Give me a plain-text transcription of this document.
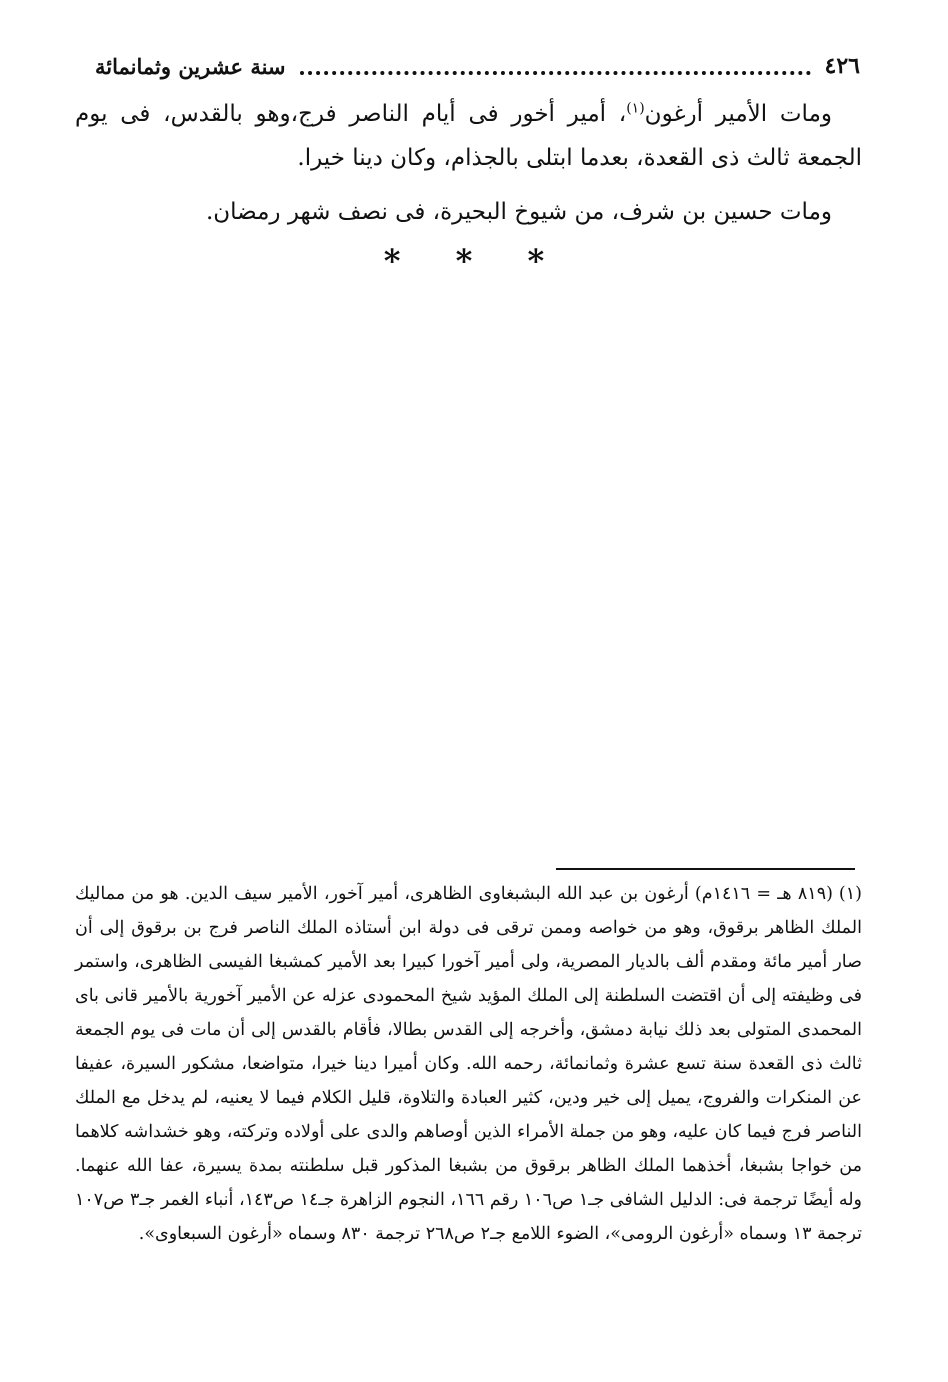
٤٢٦
سنة عشرين وثمانمائة

ومات الأمير أرغون$^{(١)}$، أمير أخور فى أيام الناصر فرج،وهو بالقدس، فى يوم الجمعة ثالث ذى القعدة، بعدما ابتلى بالجذام، وكان دينا خيرا.

ومات حسين بن شرف، من شيوخ البحيرة، فى نصف شهر رمضان.

* * *
(١)(٨١٩ هـ = ١٤١٦م) أرغون بن عبد الله البشبغاوى الظاهرى، أمير آخور، الأمير سيف الدين. هو من مماليك الملك الظاهر برقوق، وهو من خواصه وممن ترقى فى دولة ابن أستاذه الملك الناصر فرج بن برقوق إلى أن صار أمير مائة ومقدم ألف بالديار المصرية، ولى أمير آخورا كبيرا بعد الأمير كمشبغا الفيسى الظاهرى، واستمر فى وظيفته إلى أن اقتضت السلطنة إلى الملك المؤيد شيخ المحمودى عزله عن الأمير آخورية بالأمير قانى باى المحمدى المتولى بعد ذلك نيابة دمشق، وأخرجه إلى القدس بطالا، فأقام بالقدس إلى أن مات فى يوم الجمعة ثالث ذى القعدة سنة تسع عشرة وثمانمائة، رحمه الله. وكان أميرا دينا خيرا، متواضعا، مشكور السيرة، عفيفا عن المنكرات والفروج، يميل إلى خير ودين، كثير العبادة والتلاوة، قليل الكلام فيما لا يعنيه، لم يدخل مع الملك الناصر فرج فيما كان عليه، وهو من جملة الأمراء الذين أوصاهم والدى على أولاده وتركته، وهو خشداشه كلاهما من خواجا بشبغا، أخذهما الملك الظاهر برقوق من بشبغا المذكور قبل سلطنته بمدة يسيرة، عفا الله عنهما. وله أيضًا ترجمة فى: الدليل الشافى جـ١ ص١٠٦ رقم ١٦٦، النجوم الزاهرة جـ١٤ ص١٤٣، أنباء الغمر جـ٣ ص١٠٧ ترجمة ١٣ وسماه «أرغون الرومى»، الضوء اللامع جـ٢ ص٢٦٨ ترجمة ٨٣٠ وسماه «أرغون السبعاوى».
